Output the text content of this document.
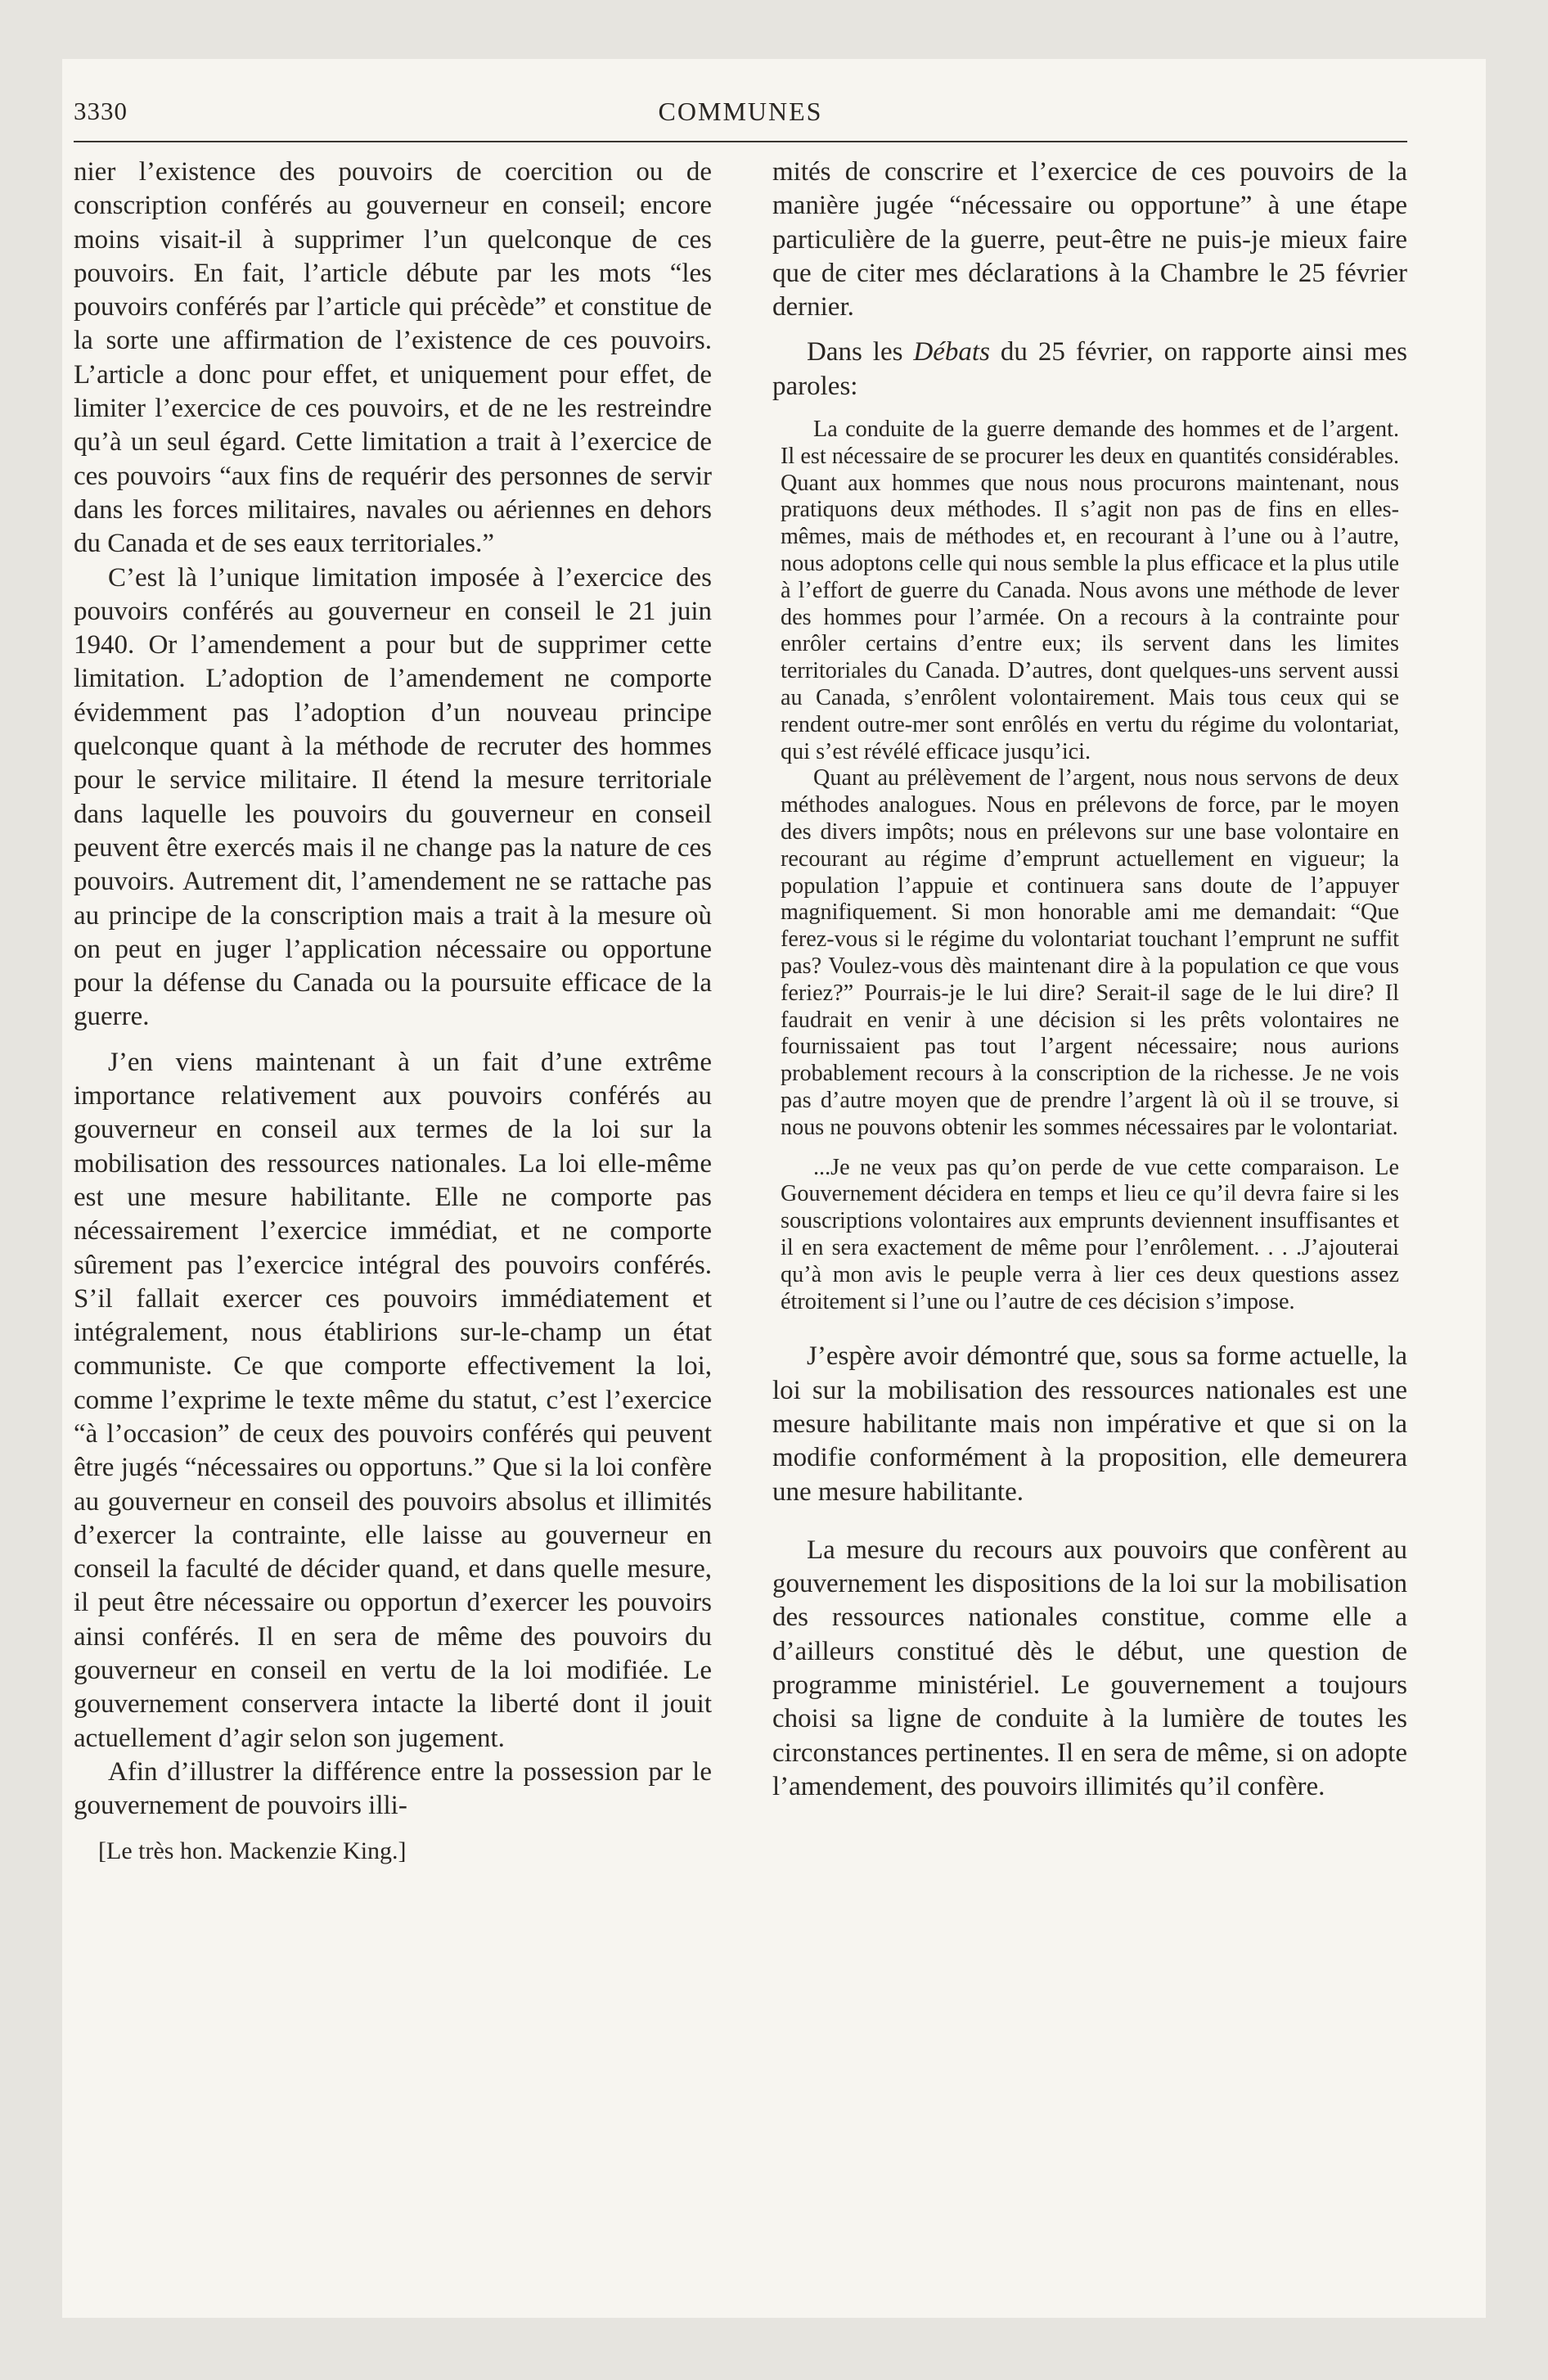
3330	COMMUNES

nier l’existence des pouvoirs de coercition ou de conscription conférés au gouverneur en conseil; encore moins visait-il à supprimer l’un quelconque de ces pouvoirs. En fait, l’article débute par les mots “les pouvoirs conférés par l’article qui précède” et constitue de la sorte une affirmation de l’existence de ces pouvoirs. L’article a donc pour effet, et uniquement pour effet, de limiter l’exercice de ces pouvoirs, et de ne les restreindre qu’à un seul égard. Cette limitation a trait à l’exercice de ces pouvoirs “aux fins de requérir des personnes de servir dans les forces militaires, navales ou aériennes en dehors du Canada et de ses eaux territoriales.”

C’est là l’unique limitation imposée à l’exercice des pouvoirs conférés au gouverneur en conseil le 21 juin 1940. Or l’amendement a pour but de supprimer cette limitation. L’adoption de l’amendement ne comporte évidemment pas l’adoption d’un nouveau principe quelconque quant à la méthode de recruter des hommes pour le service militaire. Il étend la mesure territoriale dans laquelle les pouvoirs du gouverneur en conseil peuvent être exercés mais il ne change pas la nature de ces pouvoirs. Autrement dit, l’amendement ne se rattache pas au principe de la conscription mais a trait à la mesure où on peut en juger l’application nécessaire ou opportune pour la défense du Canada ou la poursuite efficace de la guerre.

J’en viens maintenant à un fait d’une extrême importance relativement aux pouvoirs conférés au gouverneur en conseil aux termes de la loi sur la mobilisation des ressources nationales. La loi elle-même est une mesure habilitante. Elle ne comporte pas nécessairement l’exercice immédiat, et ne comporte sûrement pas l’exercice intégral des pouvoirs conférés. S’il fallait exercer ces pouvoirs immédiatement et intégralement, nous établirions sur-le-champ un état communiste. Ce que comporte effectivement la loi, comme l’exprime le texte même du statut, c’est l’exercice “à l’occasion” de ceux des pouvoirs conférés qui peuvent être jugés “nécessaires ou opportuns.” Que si la loi confère au gouverneur en conseil des pouvoirs absolus et illimités d’exercer la contrainte, elle laisse au gouverneur en conseil la faculté de décider quand, et dans quelle mesure, il peut être nécessaire ou opportun d’exercer les pouvoirs ainsi conférés. Il en sera de même des pouvoirs du gouverneur en conseil en vertu de la loi modifiée. Le gouvernement conservera intacte la liberté dont il jouit actuellement d’agir selon son jugement.

Afin d’illustrer la différence entre la possession par le gouvernement de pouvoirs illi-

[Le très hon. Mackenzie King.]

mités de conscrire et l’exercice de ces pouvoirs de la manière jugée “nécessaire ou opportune” à une étape particulière de la guerre, peut-être ne puis-je mieux faire que de citer mes déclarations à la Chambre le 25 février dernier.

Dans les Débats du 25 février, on rapporte ainsi mes paroles:

La conduite de la guerre demande des hommes et de l’argent. Il est nécessaire de se procurer les deux en quantités considérables. Quant aux hommes que nous nous procurons maintenant, nous pratiquons deux méthodes. Il s’agit non pas de fins en elles-mêmes, mais de méthodes et, en recourant à l’une ou à l’autre, nous adoptons celle qui nous semble la plus efficace et la plus utile à l’effort de guerre du Canada. Nous avons une méthode de lever des hommes pour l’armée. On a recours à la contrainte pour enrôler certains d’entre eux; ils servent dans les limites territoriales du Canada. D’autres, dont quelques-uns servent aussi au Canada, s’enrôlent volontairement. Mais tous ceux qui se rendent outre-mer sont enrôlés en vertu du régime du volontariat, qui s’est révélé efficace jusqu’ici.

Quant au prélèvement de l’argent, nous nous servons de deux méthodes analogues. Nous en prélevons de force, par le moyen des divers impôts; nous en prélevons sur une base volontaire en recourant au régime d’emprunt actuellement en vigueur; la population l’appuie et continuera sans doute de l’appuyer magnifiquement. Si mon honorable ami me demandait: “Que ferez-vous si le régime du volontariat touchant l’emprunt ne suffit pas? Voulez-vous dès maintenant dire à la population ce que vous feriez?” Pourrais-je le lui dire? Serait-il sage de le lui dire? Il faudrait en venir à une décision si les prêts volontaires ne fournissaient pas tout l’argent nécessaire; nous aurions probablement recours à la conscription de la richesse. Je ne vois pas d’autre moyen que de prendre l’argent là où il se trouve, si nous ne pouvons obtenir les sommes nécessaires par le volontariat.

...Je ne veux pas qu’on perde de vue cette comparaison. Le Gouvernement décidera en temps et lieu ce qu’il devra faire si les souscriptions volontaires aux emprunts deviennent insuffisantes et il en sera exactement de même pour l’enrôlement. . . .J’ajouterai qu’à mon avis le peuple verra à lier ces deux questions assez étroitement si l’une ou l’autre de ces décision s’impose.

J’espère avoir démontré que, sous sa forme actuelle, la loi sur la mobilisation des ressources nationales est une mesure habilitante mais non impérative et que si on la modifie conformément à la proposition, elle demeurera une mesure habilitante.

La mesure du recours aux pouvoirs que confèrent au gouvernement les dispositions de la loi sur la mobilisation des ressources nationales constitue, comme elle a d’ailleurs constitué dès le début, une question de programme ministériel. Le gouvernement a toujours choisi sa ligne de conduite à la lumière de toutes les circonstances pertinentes. Il en sera de même, si on adopte l’amendement, des pouvoirs illimités qu’il confère.
